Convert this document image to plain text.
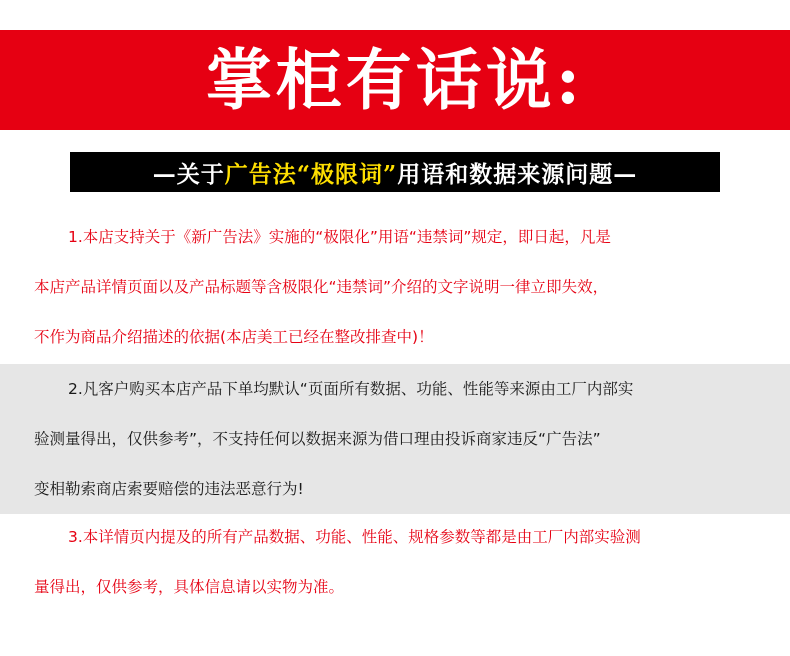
掌柜有话说:
—关于 广告法 “极限词” 用语和数据来源问题—

1.本店支持关于《新广告法》实施的“极限化”用语“违禁词”规定，即日起，凡是

本店产品详情页面以及产品标题等含极限化“违禁词”介绍的文字说明一律立即失效，

不作为商品介绍描述的依据(本店美工已经在整改排查中)！

2.凡客户购买本店产品下单均默认“页面所有数据、功能、性能等来源由工厂内部实

验测量得出，仅供参考”，不支持任何以数据来源为借口理由投诉商家违反“广告法”

变相勒索商店索要赔偿的违法恶意行为!

3.本详情页内提及的所有产品数据、功能、性能、规格参数等都是由工厂内部实验测

量得出，仅供参考，具体信息请以实物为准。
